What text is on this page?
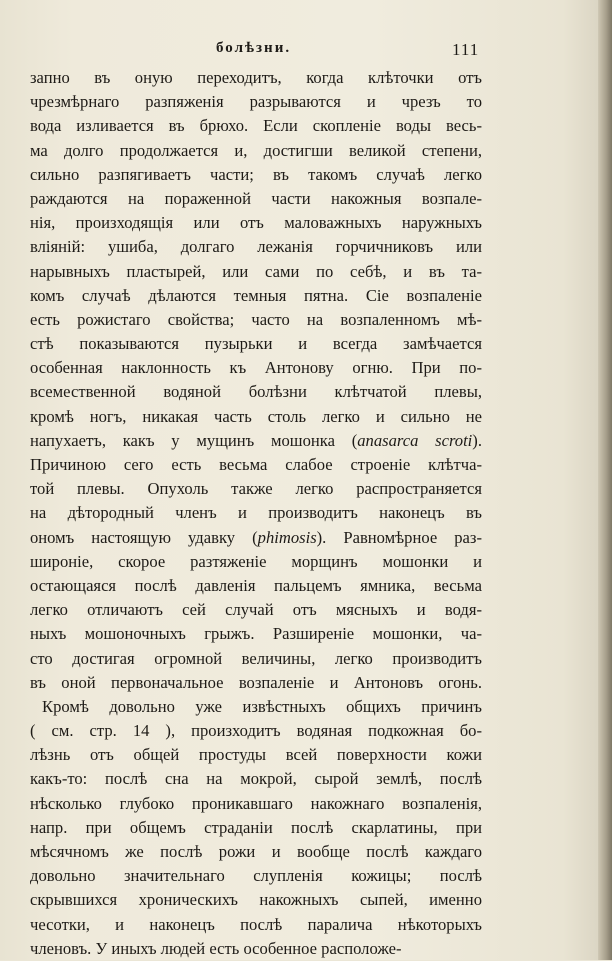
болѣзни.	111
запно въ оную переходитъ, когда клѣточки отъ
чрезмѣрнаго разпяженія разрываются и чрезъ то
вода изливается въ брюхо. Если скопленіе воды весь-
ма долго продолжается и, достигши великой степени,
сильно разпягиваетъ части; въ такомъ случаѣ легко
раждаются на пораженной части накожныя возпале-
нія, произходящія или отъ маловажныхъ наружныхъ
вліяній: ушиба, долгаго лежанія горчичниковъ или
нарывныхъ пластырей, или сами по себѣ, и въ та-
комъ случаѣ дѣлаются темныя пятна. Сіе возпаленіе
есть рожистаго свойства; часто на возпаленномъ мѣ-
стѣ показываются пузырьки и всегда замѣчается
особенная наклонность къ Антонову огню. При по-
всемественной водяной болѣзни клѣтчатой плевы,
кромѣ ногъ, никакая часть столь легко и сильно не
напухаетъ, какъ у мущинъ мошонка (anasarca scroti).
Причиною сего есть весьма слабое строеніе клѣтча-
той плевы. Опухоль также легко распространяется
на дѣтородный членъ и производитъ наконецъ въ
ономъ настоящую удавку (phimosis). Равномѣрное раз-
широніе, скорое разтяженіе морщинъ мошонки и
остающаяся послѣ давленія пальцемъ ямника, весьма
легко отличаютъ сей случай отъ мясныхъ и водя-
ныхъ мошоночныхъ грыжъ. Разширеніе мошонки, ча-
сто достигая огромной величины, легко производитъ
въ оной первоначальное возпаленіе и Антоновъ огонь.
Кромѣ довольно уже извѣстныхъ общихъ причинъ
( см. стр. 14 ), произходитъ водяная подкожная бо-
лѣзнь отъ общей простуды всей поверхности кожи
какъ-то: послѣ сна на мокрой, сырой землѣ, послѣ
нѣсколько глубоко проникавшаго накожнаго возпаленія,
напр. при общемъ страданіи послѣ скарлатины, при
мѣсячномъ же послѣ рожи и вообще послѣ каждаго
довольно значительнаго слупленія кожицы; послѣ
скрывшихся хроническихъ накожныхъ сыпей, именно
чесотки, и наконецъ послѣ паралича нѣкоторыхъ
членовъ. У иныхъ людей есть особенное расположе-
